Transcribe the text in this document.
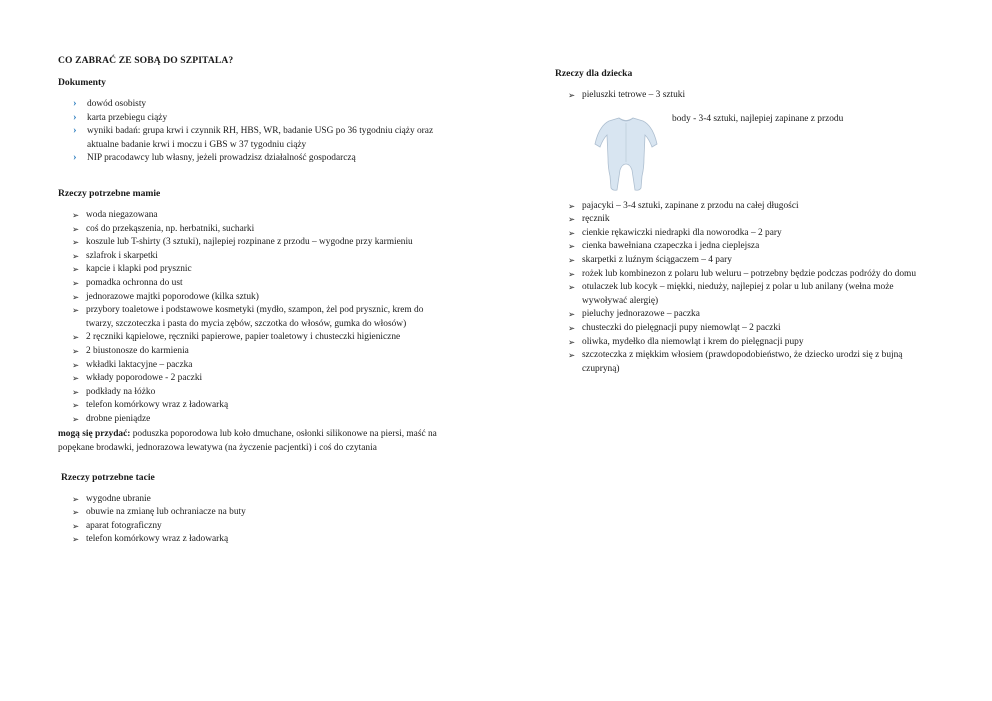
CO ZABRAĆ ZE SOBĄ DO SZPITALA?
Dokumenty
›	dowód osobisty
›	karta przebiegu ciąży
›	wyniki badań: grupa krwi i czynnik RH, HBS, WR, badanie USG po 36 tygodniu ciąży oraz aktualne badanie krwi i moczu i GBS w 37 tygodniu ciąży
›	NIP pracodawcy lub własny, jeżeli prowadzisz działalność gospodarczą
Rzeczy potrzebne mamie
➢ woda niegazowana
➢ coś do przekąszenia, np. herbatniki, sucharki
➢ koszule lub T-shirty (3 sztuki), najlepiej rozpinane z przodu – wygodne przy karmieniu
➢ szlafrok i skarpetki
➢ kapcie i klapki pod prysznic
➢ pomadka ochronna do ust
➢ jednorazowe majtki poporodowe (kilka sztuk)
➢ przybory toaletowe i podstawowe kosmetyki (mydło, szampon, żel pod prysznic, krem do twarzy, szczoteczka i pasta do mycia zębów, szczotka do włosów, gumka do włosów)
➢ 2 ręczniki kąpielowe, ręczniki papierowe, papier toaletowy i chusteczki higieniczne
➢ 2 biustonosze do karmienia
➢ wkładki laktacyjne – paczka
➢ wkłady poporodowe - 2 paczki
➢ podkłady na łóżko
➢ telefon komórkowy wraz z ładowarką
➢ drobne pieniądze
mogą się przydać: poduszka poporodowa lub koło dmuchane, osłonki silikonowe na piersi, maść na popękane brodawki, jednorazowa lewatywa (na życzenie pacjentki) i coś do czytania
Rzeczy potrzebne tacie
➢ wygodne ubranie
➢ obuwie na zmianę lub ochraniacze na buty
➢ aparat fotograficzny
➢ telefon komórkowy wraz z ładowarką
Rzeczy dla dziecka
➢ pieluszki tetrowe – 3 sztuki
body - 3-4 sztuki, najlepiej zapinane z przodu
➢ pajacyki – 3-4 sztuki, zapinane z przodu na całej długości
➢ ręcznik
➢ cienkie rękawiczki niedrapki dla noworodka – 2 pary
➢ cienka bawełniana czapeczka i jedna cieplejsza
➢ skarpetki z luźnym ściągaczem – 4 pary
➢ rożek lub kombinezon z polaru lub weluru – potrzebny będzie podczas podróży do domu
➢ otulaczek lub kocyk – miękki, nieduży, najlepiej z polar u lub anilany (wełna może wywoływać alergię)
➢ pieluchy jednorazowe – paczka
➢ chusteczki do pielęgnacji pupy niemowląt – 2 paczki
➢ oliwka, mydełko dla niemowląt i krem do pielęgnacji pupy
➢ szczoteczka z miękkim włosiem (prawdopodobieństwo, że dziecko urodzi się z bujną czupryną)
